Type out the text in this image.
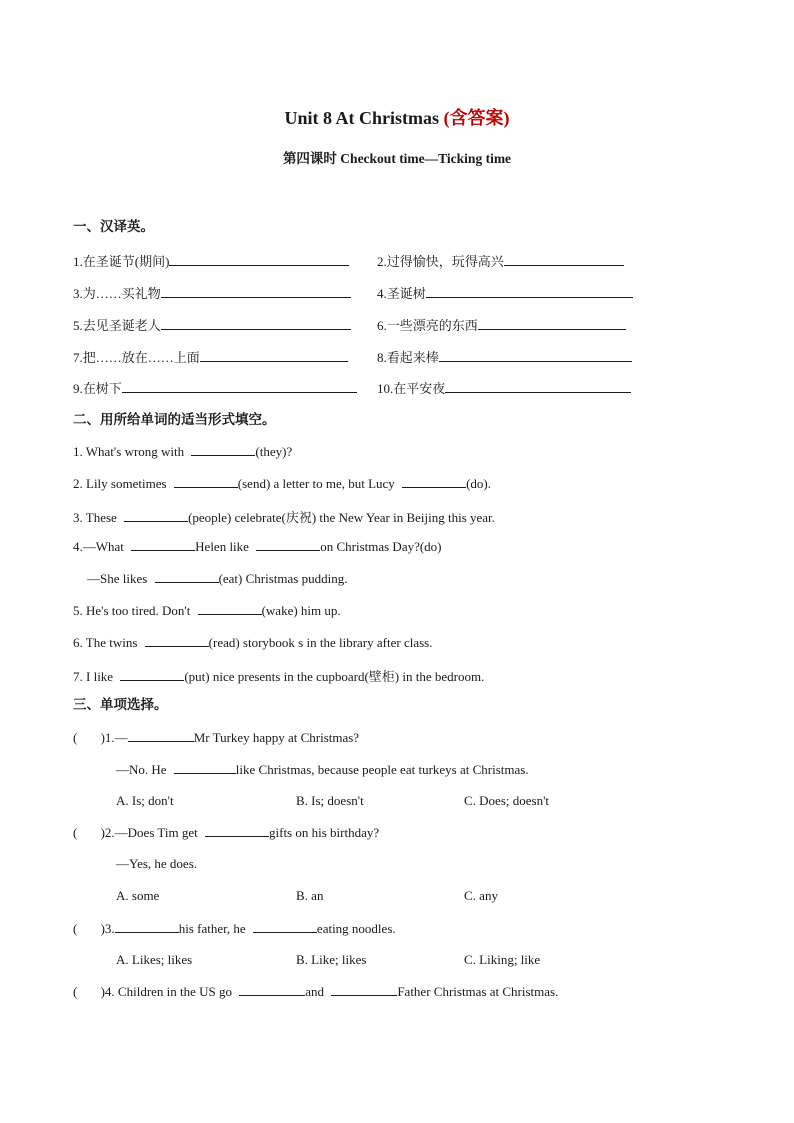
Unit 8 At Christmas (含答案)
第四课时 Checkout time—Ticking time
一、汉译英。
1.在圣诞节(期间)	2.过得愉快，玩得高兴
3.为……买礼物	4.圣诞树
5.去见圣诞老人	6.一些漂亮的东西
7.把……放在……上面	8.看起来棒
9.在树下	10.在平安夜
二、用所给单词的适当形式填空。
1. What's wrong with	(they)?
2. Lily sometimes	(send) a letter to me, but Lucy	(do).
3. These	(people) celebrate(庆祝) the New Year in Beijing this year.
4.—What	Helen like	on Christmas Day?(do)
—She likes	(eat) Christmas pudding.
5. He's too tired. Don't	(wake) him up.
6. The twins	(read) storybook s in the library after class.
7. I like	(put) nice presents in the cupboard(壁柜) in the bedroom.
三、单项选择。
( )1.—	Mr Turkey happy at Christmas?
—No. He	like Christmas, because people eat turkeys at Christmas.
A. Is; don't	B. Is; doesn't	C. Does; doesn't
( )2.—Does Tim get	gifts on his birthday?
—Yes, he does.
A. some	B. an	C. any
( )3.	his father, he	eating noodles.
A. Likes; likes	B. Like; likes	C. Liking; like
( )4. Children in the US go	and	Father Christmas at Christmas.
